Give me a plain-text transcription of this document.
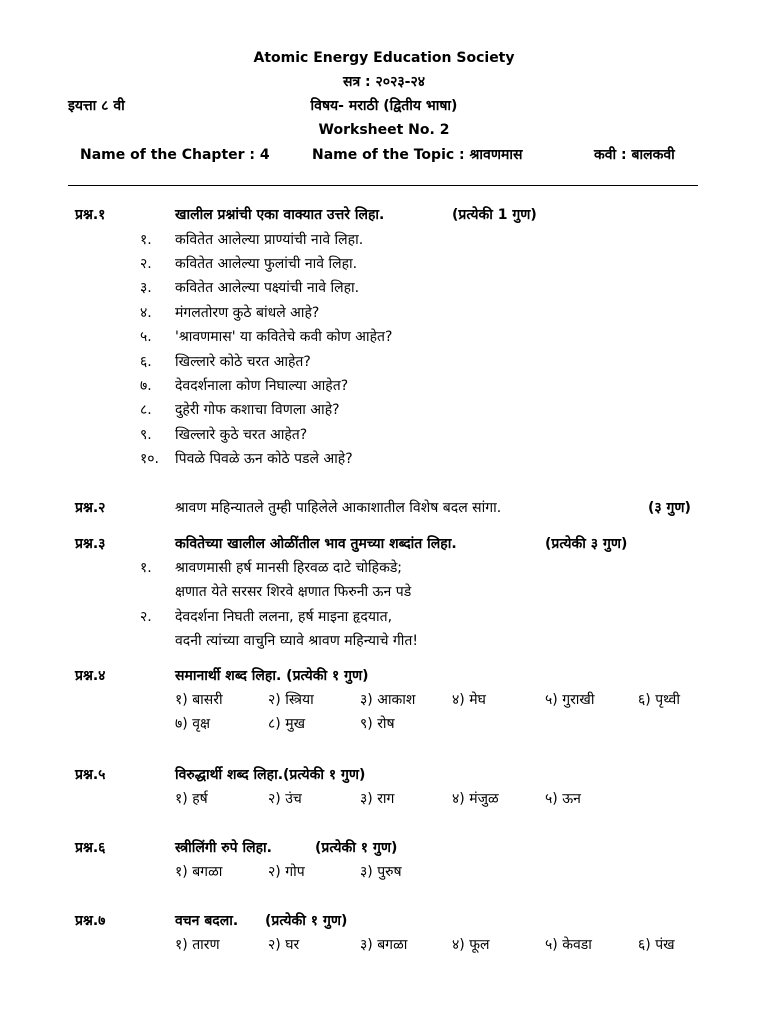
Atomic Energy Education Society
सत्र : २०२३-२४
इयत्ता ८ वी	विषय- मराठी (द्वितीय भाषा)
Worksheet No. 2
Name of the Chapter : 4	Name of the Topic : श्रावणमास	कवी : बालकवी
प्रश्न.१	खालील प्रश्नांची एका वाक्यात उत्तरे लिहा.	(प्रत्येकी 1 गुण)
१. कवितेत आलेल्या प्राण्यांची नावे लिहा.
२. कवितेत आलेल्या फुलांची नावे लिहा.
३. कवितेत आलेल्या पक्ष्यांची नावे लिहा.
४. मंगलतोरण कुठे बांधले आहे?
५. 'श्रावणमास' या कवितेचे कवी कोण आहेत?
६. खिल्लारे कोठे चरत आहेत?
७. देवदर्शनाला कोण निघाल्या आहेत?
८. दुहेरी गोफ कशाचा विणला आहे?
९. खिल्लारे कुठे चरत आहेत?
१०. पिवळे पिवळे ऊन कोठे पडले आहे?
प्रश्न.२	श्रावण महिन्यातले तुम्ही पाहिलेले आकाशातील विशेष बदल सांगा.	(३ गुण)
प्रश्न.३	कवितेच्या खालील ओळींतील भाव तुमच्या शब्दांत लिहा.	(प्रत्येकी ३ गुण)
१. श्रावणमासी हर्ष मानसी हिरवळ दाटे चोहिकडे;
क्षणात येते सरसर शिरवे क्षणात फिरुनी ऊन पडे
२. देवदर्शना निघती ललना, हर्ष माइना हृदयात,
वदनी त्यांच्या वाचुनि घ्यावे श्रावण महिन्याचे गीत!
प्रश्न.४	समानार्थी शब्द लिहा. (प्रत्येकी १ गुण)
१) बासरी	२) स्त्रिया	३) आकाश	४) मेघ	५) गुराखी	६) पृथ्वी
७) वृक्ष	८) मुख	९) रोष
प्रश्न.५	विरुद्धार्थी शब्द लिहा.(प्रत्येकी १ गुण)
१) हर्ष	२) उंच	३) राग	४) मंजुळ	५) ऊन
प्रश्न.६	स्त्रीलिंगी रुपे लिहा.	(प्रत्येकी १ गुण)
१) बगळा	२) गोप	३) पुरुष
प्रश्न.७	वचन बदला. (प्रत्येकी १ गुण)
१) तारण	२) घर	३) बगळा	४) फूल	५) केवडा	६) पंख
